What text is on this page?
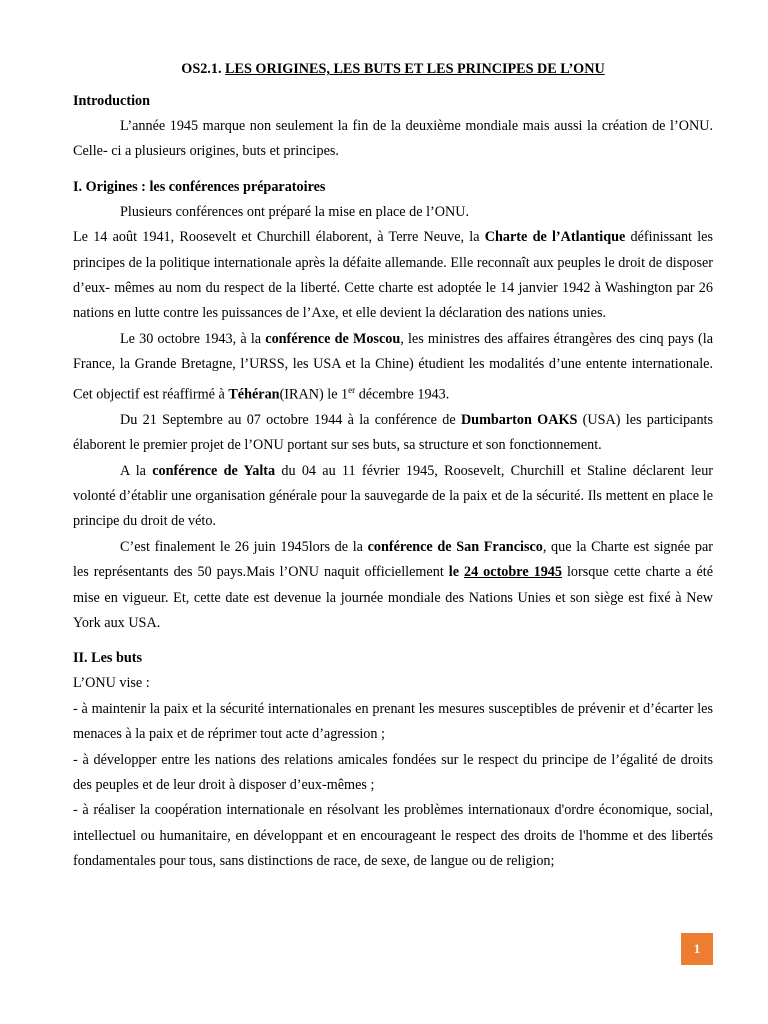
OS2.1. LES ORIGINES, LES BUTS ET LES PRINCIPES DE L’ONU

Introduction

L’année 1945 marque non seulement la fin de la deuxième mondiale mais aussi la création de l’ONU. Celle- ci a plusieurs origines, buts et principes.

I. Origines : les conférences préparatoires

Plusieurs conférences ont préparé la mise en place de l’ONU.

Le 14 août 1941, Roosevelt et Churchill élaborent, à Terre Neuve, la Charte de l’Atlantique définissant les principes de la politique internationale après la défaite allemande. Elle reconnaît aux peuples le droit de disposer d’eux- mêmes au nom du respect de la liberté. Cette charte est adoptée le 14 janvier 1942 à Washington par 26 nations en lutte contre les puissances de l’Axe, et elle devient la déclaration des nations unies.

Le 30 octobre 1943, à la conférence de Moscou, les ministres des affaires étrangères des cinq pays (la France, la Grande Bretagne, l’URSS, les USA et la Chine) étudient les modalités d’une entente internationale. Cet objectif est réaffirmé à Téhéran(IRAN) le 1er décembre 1943.

Du 21 Septembre au 07 octobre 1944 à la conférence de Dumbarton OAKS (USA) les participants élaborent le premier projet de l’ONU portant sur ses buts, sa structure et son fonctionnement.

A la conférence de Yalta du 04 au 11 février 1945, Roosevelt, Churchill et Staline déclarent leur volonté d’établir une organisation générale pour la sauvegarde de la paix et de la sécurité. Ils mettent en place le principe du droit de véto.

C’est finalement le 26 juin 1945lors de la conférence de San Francisco, que la Charte est signée par les représentants des 50 pays.Mais l’ONU naquit officiellement le 24 octobre 1945 lorsque cette charte a été mise en vigueur. Et, cette date est devenue la journée mondiale des Nations Unies et son siège est fixé à New York aux USA.

II. Les buts

L’ONU vise :

- à maintenir la paix et la sécurité internationales en prenant les mesures susceptibles de prévenir et d’écarter les menaces à la paix et de réprimer tout acte d’agression ;

- à développer entre les nations des relations amicales fondées sur le respect du principe de l’égalité de droits des peuples et de leur droit à disposer d’eux-mêmes ;

- à réaliser la coopération internationale en résolvant les problèmes internationaux d'ordre économique, social, intellectuel ou humanitaire, en développant et en encourageant le respect des droits de l'homme et des libertés fondamentales pour tous, sans distinctions de race, de sexe, de langue ou de religion;

1
